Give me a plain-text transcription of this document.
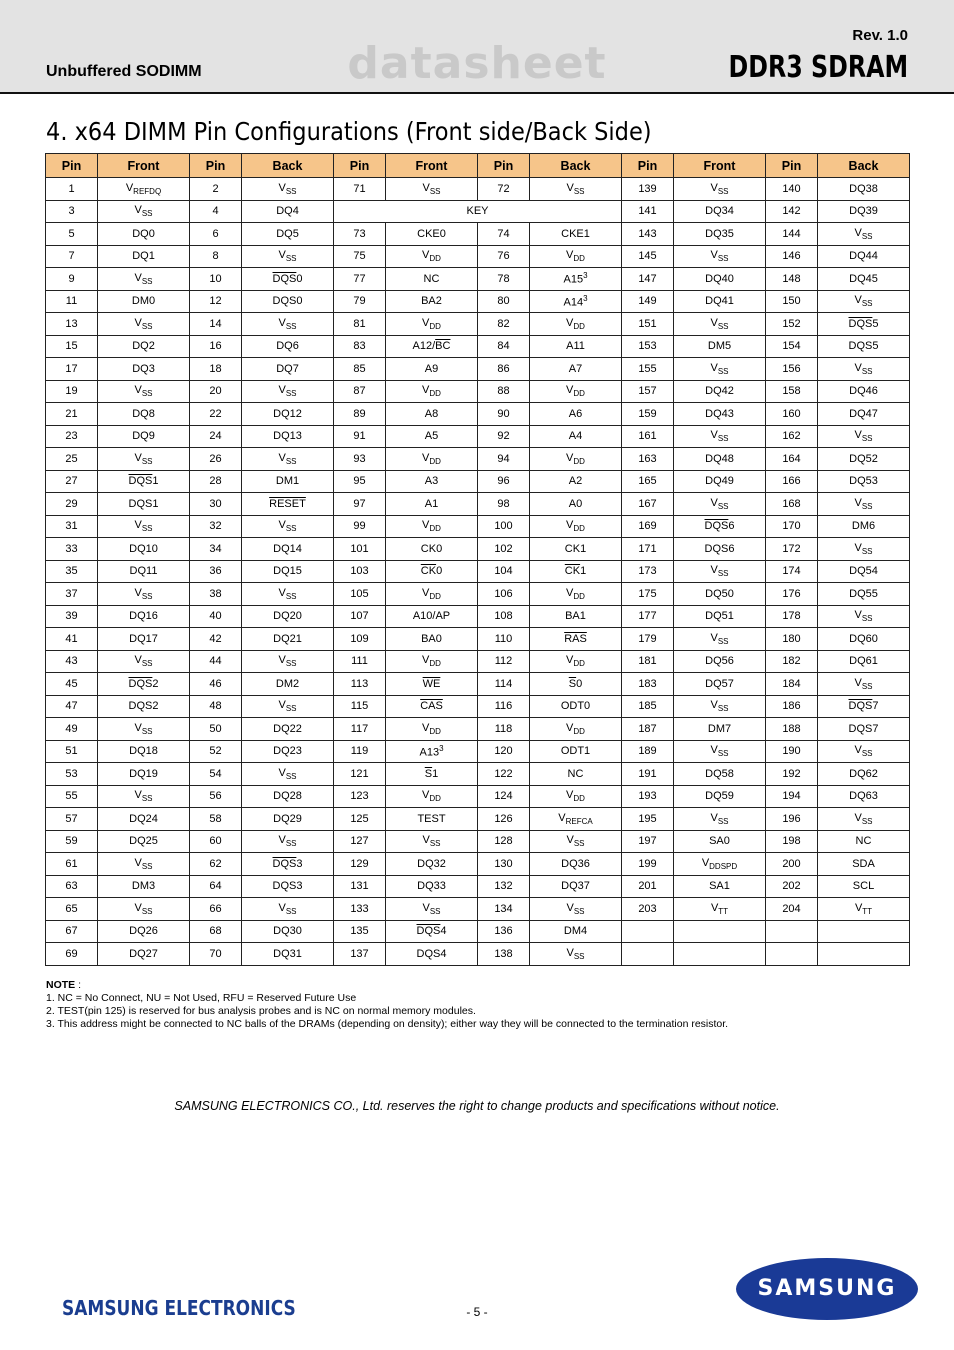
Unbuffered SODIMM	datasheet
Rev. 1.0
DDR3 SDRAM
4. x64 DIMM Pin Configurations (Front side/Back Side)
Pin	Front	Pin	Back	Pin	Front	Pin	Back	Pin	Front	Pin	Back
1	$V_{REFDQ}$	2	$V_{SS}$	71	$V_{SS}$	72	$V_{SS}$	139	$V_{SS}$	140	DQ38
3	$V_{SS}$	4	DQ4	KEY				141	DQ34	142	DQ39
5	DQ0	6	DQ5	73	CKE0	74	CKE1	143	DQ35	144	$V_{SS}$
7	DQ1	8	$V_{SS}$	75	$V_{DD}$	76	$V_{DD}$	145	$V_{SS}$	146	DQ44
9	$V_{SS}$	10	$\overline{DQS}0$	77	NC	78	$A15^3$	147	DQ40	148	DQ45
11	DM0	12	DQS0	79	BA2	80	$A14^3$	149	DQ41	150	$V_{SS}$
13	$V_{SS}$	14	$V_{SS}$	81	$V_{DD}$	82	$V_{DD}$	151	$V_{SS}$	152	$\overline{DQS}5$
15	DQ2	16	DQ6	83	$A12/\overline{BC}$	84	A11	153	DM5	154	DQS5
17	DQ3	18	DQ7	85	A9	86	A7	155	$V_{SS}$	156	$V_{SS}$
19	$V_{SS}$	20	$V_{SS}$	87	$V_{DD}$	88	$V_{DD}$	157	DQ42	158	DQ46
21	DQ8	22	DQ12	89	A8	90	A6	159	DQ43	160	DQ47
23	DQ9	24	DQ13	91	A5	92	A4	161	$V_{SS}$	162	$V_{SS}$
25	$V_{SS}$	26	$V_{SS}$	93	$V_{DD}$	94	$V_{DD}$	163	DQ48	164	DQ52
27	$\overline{DQS}1$	28	DM1	95	A3	96	A2	165	DQ49	166	DQ53
29	DQS1	30	RESET	97	A1	98	A0	167	$V_{SS}$	168	$V_{SS}$
31	$V_{SS}$	32	$V_{SS}$	99	$V_{DD}$	100	$V_{DD}$	169	$\overline{DQS}6$	170	DM6
33	DQ10	34	DQ14	101	CK0	102	CK1	171	DQS6	172	$V_{SS}$
35	DQ11	36	DQ15	103	$\overline{CK}0$	104	$\overline{CK}1$	173	$V_{SS}$	174	DQ54
37	$V_{SS}$	38	$V_{SS}$	105	$V_{DD}$	106	$V_{DD}$	175	DQ50	176	DQ55
39	DQ16	40	DQ20	107	A10/AP	108	BA1	177	DQ51	178	$V_{SS}$
41	DQ17	42	DQ21	109	BA0	110	$\overline{RAS}$	179	$V_{SS}$	180	DQ60
43	$V_{SS}$	44	$V_{SS}$	111	$V_{DD}$	112	$V_{DD}$	181	DQ56	182	DQ61
45	$\overline{DQS}2$	46	DM2	113	$\overline{WE}$	114	$\overline{S}0$	183	DQ57	184	$V_{SS}$
47	DQS2	48	$V_{SS}$	115	$\overline{CAS}$	116	ODT0	185	$V_{SS}$	186	$\overline{DQS}7$
49	$V_{SS}$	50	DQ22	117	$V_{DD}$	118	$V_{DD}$	187	DM7	188	DQS7
51	DQ18	52	DQ23	119	$A13^3$	120	ODT1	189	$V_{SS}$	190	$V_{SS}$
53	DQ19	54	$V_{SS}$	121	$\overline{S}1$	122	NC	191	DQ58	192	DQ62
55	$V_{SS}$	56	DQ28	123	$V_{DD}$	124	$V_{DD}$	193	DQ59	194	DQ63
57	DQ24	58	DQ29	125	TEST	126	$V_{REFCA}$	195	$V_{SS}$	196	$V_{SS}$
59	DQ25	60	$V_{SS}$	127	$V_{SS}$	128	$V_{SS}$	197	SA0	198	NC
61	$V_{SS}$	62	$\overline{DQS}3$	129	DQ32	130	DQ36	199	$V_{DDSPD}$	200	SDA
63	DM3	64	DQS3	131	DQ33	132	DQ37	201	SA1	202	SCL
65	$V_{SS}$	66	$V_{SS}$	133	$V_{SS}$	134	$V_{SS}$	203	$V_{TT}$	204	$V_{TT}$
67	DQ26	68	DQ30	135	$\overline{DQS}4$	136	DM4				
69	DQ27	70	DQ31	137	DQS4	138	$V_{SS}$				
NOTE :
1. NC = No Connect, NU = Not Used, RFU = Reserved Future Use
2. TEST(pin 125) is reserved for bus analysis probes and is NC on normal memory modules.
3. This address might be connected to NC balls of the DRAMs (depending on density); either way they will be connected to the termination resistor.
SAMSUNG ELECTRONICS CO., Ltd. reserves the right to change products and specifications without notice.
SAMSUNG ELECTRONICS	- 5 -
SAMSUNG
